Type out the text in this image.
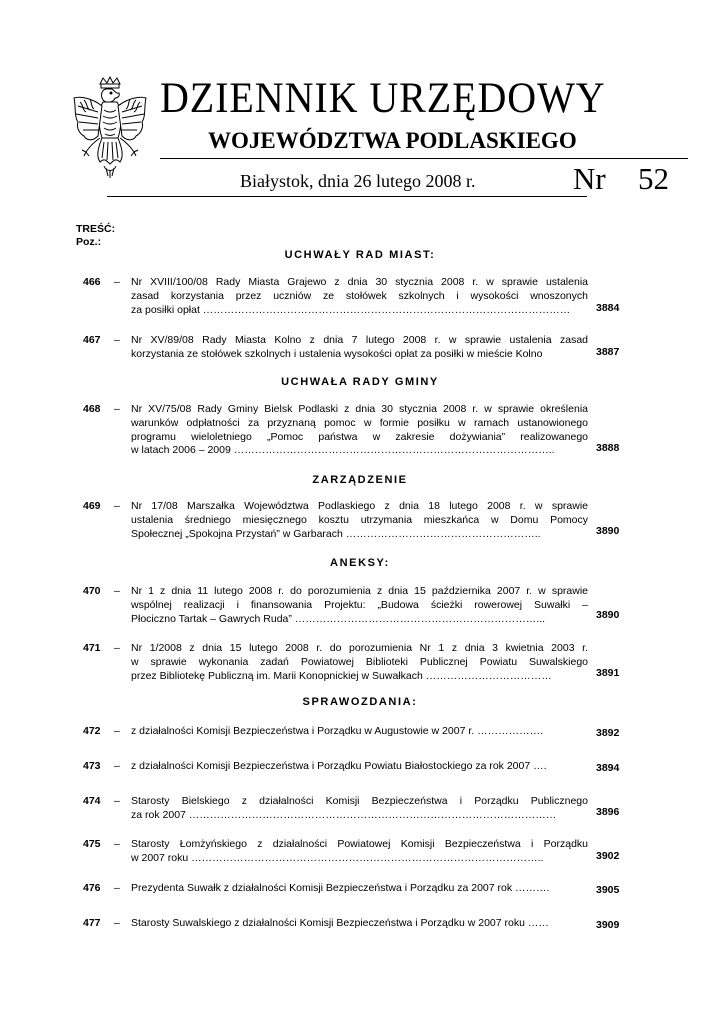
DZIENNIK URZĘDOWY
WOJEWÓDZTWA PODLASKIEGO
Białystok, dnia 26 lutego 2008 r.	Nr 52
TREŚĆ:
Poz.:
UCHWAŁY RAD MIAST:
UCHWAŁA RADY GMINY
ZARZĄDZENIE
ANEKSY:
SPRAWOZDANIA:
466 – Nr XVIII/100/08 Rady Miasta Grajewo z dnia 30 stycznia 2008 r. w sprawie ustalenia
zasad korzystania przez uczniów ze stołówek szkolnych i wysokości wnoszonych
za posiłki opłat ……………………………………………………………………………………………	3884
467 – Nr XV/89/08 Rady Miasta Kolno z dnia 7 lutego 2008 r. w sprawie ustalenia zasad
korzystania ze stołówek szkolnych i ustalenia wysokości opłat za posiłki w mieście Kolno	3887
468 – Nr XV/75/08 Rady Gminy Bielsk Podlaski z dnia 30 stycznia 2008 r. w sprawie określenia
warunków odpłatności za przyznaną pomoc w formie posiłku w ramach ustanowionego
programu wieloletniego „Pomoc państwa w zakresie dożywiania” realizowanego
w latach 2006 – 2009 ………………………………………………………………………………..	3888
469 – Nr 17/08 Marszałka Województwa Podlaskiego z dnia 18 lutego 2008 r. w sprawie
ustalenia średniego miesięcznego kosztu utrzymania mieszkańca w Domu Pomocy
Społecznej „Spokojna Przystań” w Garbarach ………………………………………………..	3890
470 – Nr 1 z dnia 11 lutego 2008 r. do porozumienia z dnia 15 października 2007 r. w sprawie
wspólnej realizacji i finansowania Projektu: „Budowa ścieżki rowerowej Suwałki –
Płociczno Tartak – Gawrych Ruda” ……………………………………………………………...	3890
471 – Nr 1/2008 z dnia 15 lutego 2008 r. do porozumienia Nr 1 z dnia 3 kwietnia 2003 r.
w sprawie wykonania zadań Powiatowej Biblioteki Publicznej Powiatu Suwalskiego
przez Bibliotekę Publiczną im. Marii Konopnickiej w Suwałkach ………………………………	3891
472 – z działalności Komisji Bezpieczeństwa i Porządku w Augustowie w 2007 r. ……………….	3892
473 – z działalności Komisji Bezpieczeństwa i Porządku Powiatu Białostockiego za rok 2007 ….	3894
474 – Starosty Bielskiego z działalności Komisji Bezpieczeństwa i Porządku Publicznego
za rok 2007 ……………………………………………………………………………………………	3896
475 – Starosty Łomżyńskiego z działalności Powiatowej Komisji Bezpieczeństwa i Porządku
w 2007 roku ………………………………………………………………………………………..	3902
476 – Prezydenta Suwałk z działalności Komisji Bezpieczeństwa i Porządku za 2007 rok ……….	3905
477 – Starosty Suwalskiego z działalności Komisji Bezpieczeństwa i Porządku w 2007 roku ……	3909
